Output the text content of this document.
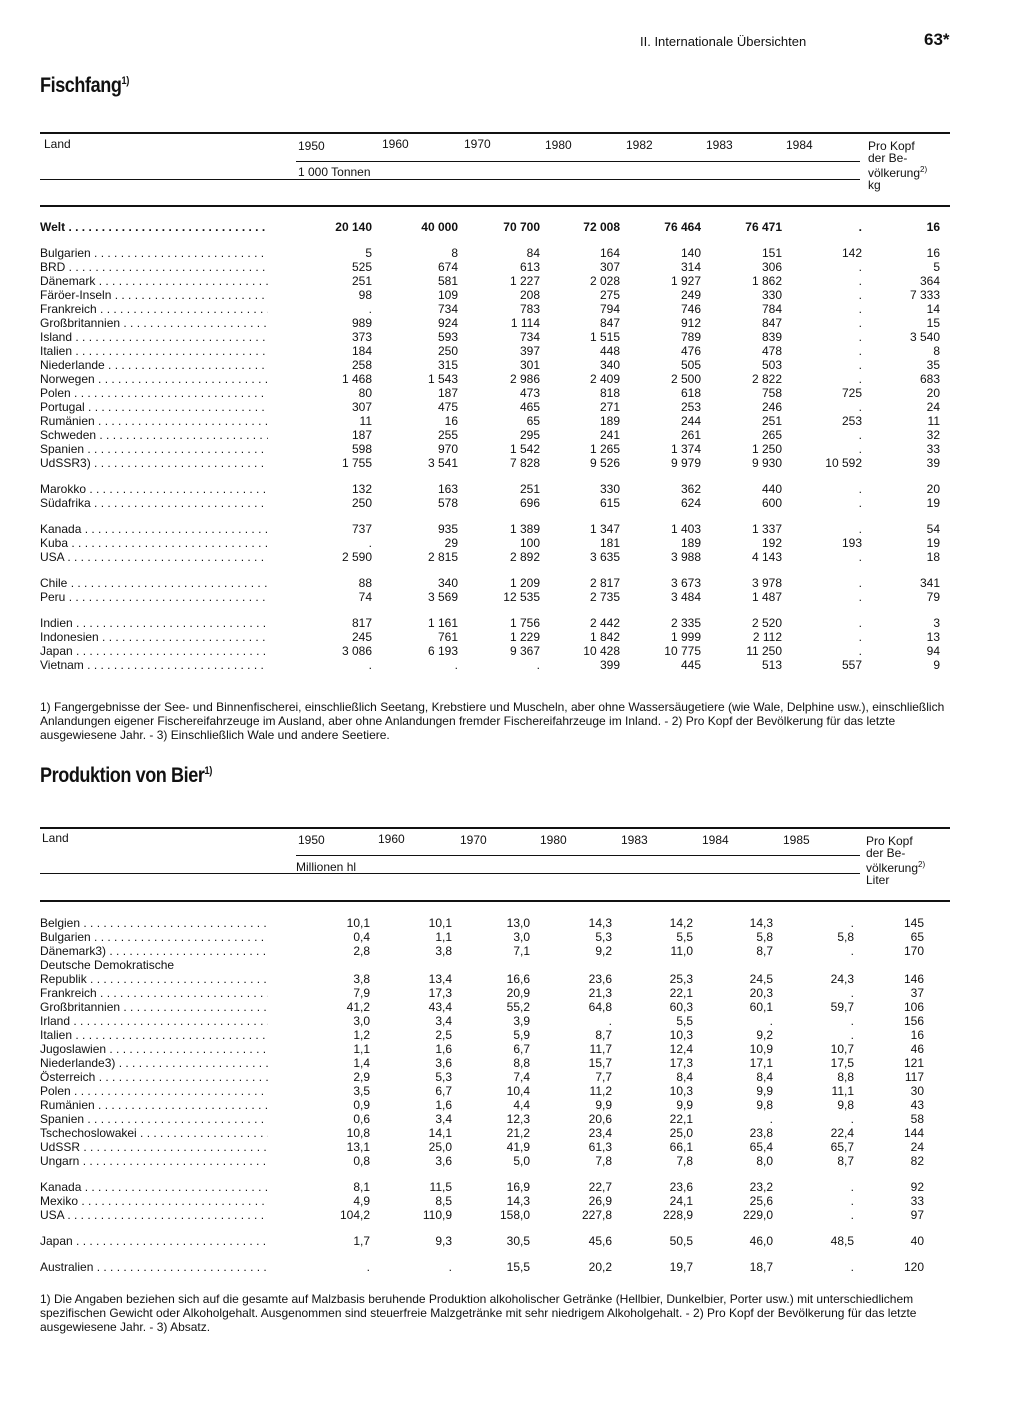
II. Internationale Übersichten	63*
Fischfang$^{1)}$
Land	1950	1960	1970	1980	1982	1983	1984
1 000 Tonnen
Pro Kopf
der Be-
völkerung$^{2)}$
kg
Welt . . .	20 140	40 000	70 700	72 008	76 464	76 471	.	16
Bulgarien . . .	5	8	84	164	140	151	142	16
BRD . . .	525	674	613	307	314	306	.	5
Dänemark . . .	251	581	1 227	2 028	1 927	1 862	.	364
Färöer-Inseln . . .	98	109	208	275	249	330	.	7 333
Frankreich . . .	.	734	783	794	746	784	.	14
Großbritannien . . .	989	924	1 114	847	912	847	.	15
Island . . .	373	593	734	1 515	789	839	.	3 540
Italien . . .	184	250	397	448	476	478	.	8
Niederlande . . .	258	315	301	340	505	503	.	35
Norwegen . . .	1 468	1 543	2 986	2 409	2 500	2 822	.	683
Polen . . .	80	187	473	818	618	758	725	20
Portugal . . .	307	475	465	271	253	246	.	24
Rumänien . . .	11	16	65	189	244	251	253	11
Schweden . . .	187	255	295	241	261	265	.	32
Spanien . . .	598	970	1 542	1 265	1 374	1 250	.	33
UdSSR3) . . .	1 755	3 541	7 828	9 526	9 979	9 930	10 592	39
Marokko . . .	132	163	251	330	362	440	.	20
Südafrika . . .	250	578	696	615	624	600	.	19
Kanada . . .	737	935	1 389	1 347	1 403	1 337	.	54
Kuba . . .	.	29	100	181	189	192	193	19
USA . . .	2 590	2 815	2 892	3 635	3 988	4 143	.	18
Chile . . .	88	340	1 209	2 817	3 673	3 978	.	341
Peru . . .	74	3 569	12 535	2 735	3 484	1 487	.	79
Indien . . .	817	1 161	1 756	2 442	2 335	2 520	.	3
Indonesien . . .	245	761	1 229	1 842	1 999	2 112	.	13
Japan . . .	3 086	6 193	9 367	10 428	10 775	11 250	.	94
Vietnam . . .	.	.	.	399	445	513	557	9
1) Fangergebnisse der See- und Binnenfischerei, einschließlich Seetang, Krebstiere und Muscheln, aber ohne Wassersäugetiere (wie Wale, Delphine usw.), einschließlich Anlandungen eigener Fischereifahrzeuge im Ausland, aber ohne Anlandungen fremder Fischereifahrzeuge im Inland. - 2) Pro Kopf der Bevölkerung für das letzte ausgewiesene Jahr. - 3) Einschließlich Wale und andere Seetiere.
Produktion von Bier$^{1)}$
Land	1950	1960	1970	1980	1983	1984	1985
Millionen hl
Pro Kopf
der Be-
völkerung$^{2)}$
Liter
Belgien . . .	10,1	10,1	13,0	14,3	14,2	14,3	.	145
Bulgarien . . .	0,4	1,1	3,0	5,3	5,5	5,8	5,8	65
Dänemark3) . . .	2,8	3,8	7,1	9,2	11,0	8,7	.	170
Deutsche Demokratische
Republik . . .	3,8	13,4	16,6	23,6	25,3	24,5	24,3	146
Frankreich . . .	7,9	17,3	20,9	21,3	22,1	20,3	.	37
Großbritannien . . .	41,2	43,4	55,2	64,8	60,3	60,1	59,7	106
Irland . . .	3,0	3,4	3,9	.	5,5	.	.	156
Italien . . .	1,2	2,5	5,9	8,7	10,3	9,2	.	16
Jugoslawien . . .	1,1	1,6	6,7	11,7	12,4	10,9	10,7	46
Niederlande3) . . .	1,4	3,6	8,8	15,7	17,3	17,1	17,5	121
Österreich . . .	2,9	5,3	7,4	7,7	8,4	8,4	8,8	117
Polen . . .	3,5	6,7	10,4	11,2	10,3	9,9	11,1	30
Rumänien . . .	0,9	1,6	4,4	9,9	9,9	9,8	9,8	43
Spanien . . .	0,6	3,4	12,3	20,6	22,1	.	.	58
Tschechoslowakei . . .	10,8	14,1	21,2	23,4	25,0	23,8	22,4	144
UdSSR . . .	13,1	25,0	41,9	61,3	66,1	65,4	65,7	24
Ungarn . . .	0,8	3,6	5,0	7,8	7,8	8,0	8,7	82
Kanada . . .	8,1	11,5	16,9	22,7	23,6	23,2	.	92
Mexiko . . .	4,9	8,5	14,3	26,9	24,1	25,6	.	33
USA . . .	104,2	110,9	158,0	227,8	228,9	229,0	.	97
Japan . . .	1,7	9,3	30,5	45,6	50,5	46,0	48,5	40
Australien . . .	.	.	15,5	20,2	19,7	18,7	.	120
1) Die Angaben beziehen sich auf die gesamte auf Malzbasis beruhende Produktion alkoholischer Getränke (Hellbier, Dunkelbier, Porter usw.) mit unterschiedlichem spezifischen Gewicht oder Alkoholgehalt. Ausgenommen sind steuerfreie Malzgetränke mit sehr niedrigem Alkoholgehalt. - 2) Pro Kopf der Bevölkerung für das letzte ausgewiesene Jahr. - 3) Absatz.
